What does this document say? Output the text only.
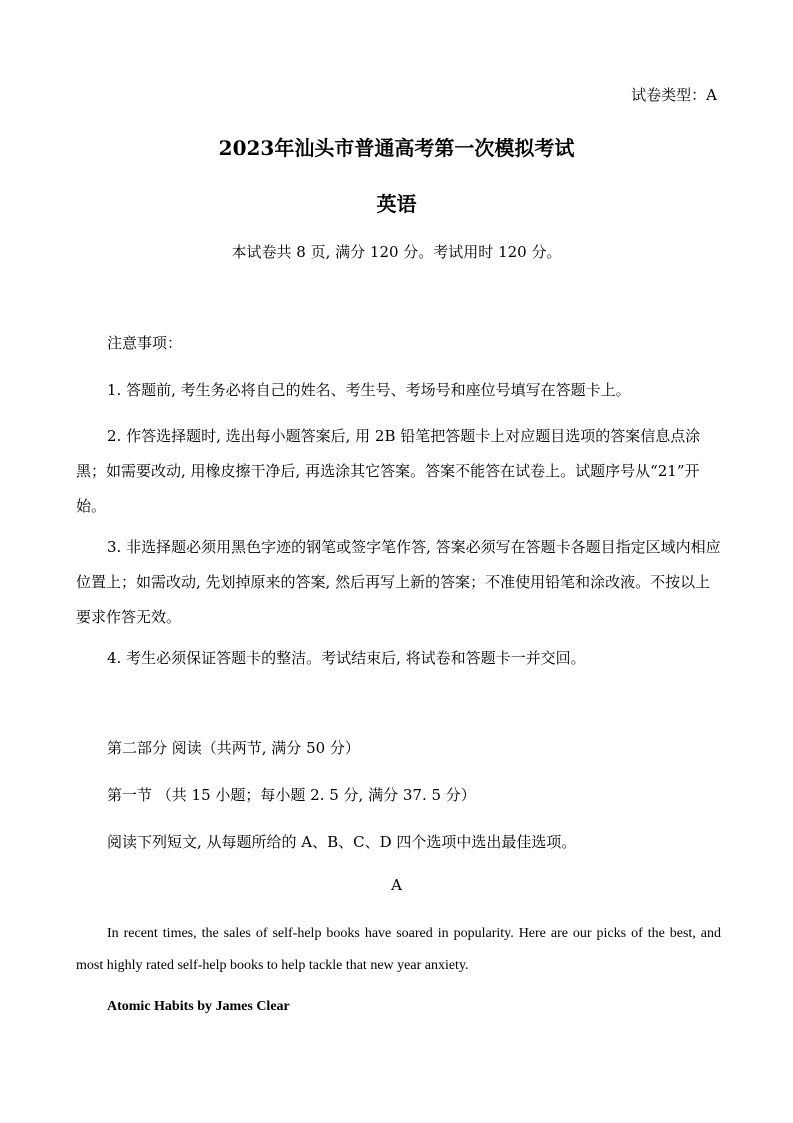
试卷类型：A
2023年汕头市普通高考第一次模拟考试
英语
本试卷共 8 页, 满分 120 分。考试用时 120 分。
注意事项：
1. 答题前, 考生务必将自己的姓名、考生号、考场号和座位号填写在答题卡上。
2. 作答选择题时, 选出每小题答案后, 用 2B 铅笔把答题卡上对应题目选项的答案信息点涂黑；如需要改动, 用橡皮擦干净后, 再选涂其它答案。答案不能答在试卷上。试题序号从“21”开始。
3. 非选择题必须用黑色字迹的钢笔或签字笔作答, 答案必须写在答题卡各题目指定区域内相应位置上；如需改动, 先划掉原来的答案, 然后再写上新的答案；不准使用铅笔和涂改液。不按以上要求作答无效。
4. 考生必须保证答题卡的整洁。考试结束后, 将试卷和答题卡一并交回。
第二部分 阅读（共两节, 满分 50 分）
第一节 （共 15 小题；每小题 2. 5 分, 满分 37. 5 分）
阅读下列短文, 从每题所给的 A、B、C、D 四个选项中选出最佳选项。
A
In recent times, the sales of self-help books have soared in popularity. Here are our picks of the best, and most highly rated self-help books to help tackle that new year anxiety.
Atomic Habits by James Clear
